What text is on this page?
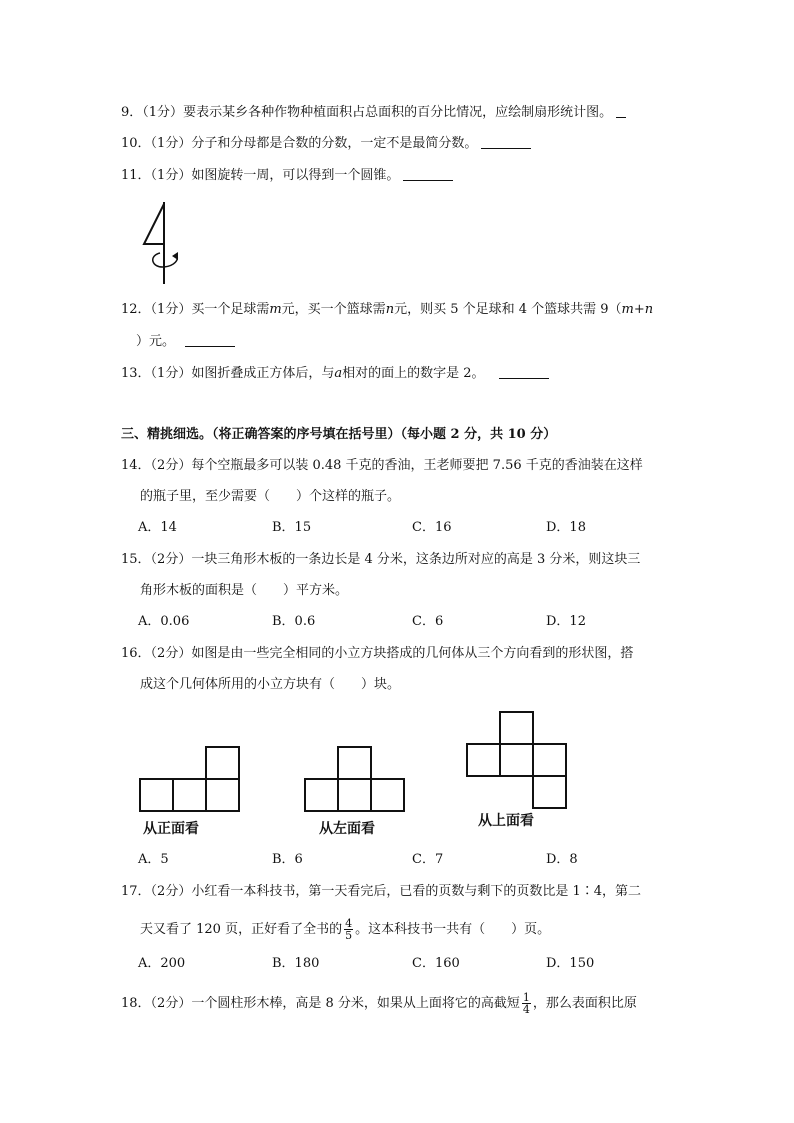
9．（1分）要表示某乡各种作物种植面积占总面积的百分比情况，应绘制扇形统计图。
10．（1分）分子和分母都是合数的分数，一定不是最简分数。
11．（1分）如图旋转一周，可以得到一个圆锥。
12．（1分）买一个足球需m元，买一个篮球需n元，则买 5 个足球和 4 个篮球共需 9（m+n
）元。
13．（1分）如图折叠成正方体后，与a相对的面上的数字是 2。
三、精挑细选。（将正确答案的序号填在括号里）（每小题 2 分，共 10 分）
14．（2分）每个空瓶最多可以装 0.48 千克的香油，王老师要把 7.56 千克的香油装在这样
的瓶子里，至少需要（　　）个这样的瓶子。
A．14	B．15	C．16	D．18
15．（2分）一块三角形木板的一条边长是 4 分米，这条边所对应的高是 3 分米，则这块三
角形木板的面积是（　　）平方米。
A．0.06	B．0.6	C．6	D．12
16．（2分）如图是由一些完全相同的小立方块搭成的几何体从三个方向看到的形状图，搭
成这个几何体所用的小立方块有（　　）块。
从正面看	从左面看	从上面看
A．5	B．6	C．7	D．8
17．（2分）小红看一本科技书，第一天看完后，已看的页数与剩下的页数比是 1∶4，第二
天又看了 120 页，正好看了全书的 $\frac{4}{5}$ 。这本科技书一共有（　　）页。
A．200	B．180	C．160	D．150
18．（2分）一个圆柱形木棒，高是 8 分米，如果从上面将它的高截短 $\frac{1}{4}$ ，那么表面积比原
